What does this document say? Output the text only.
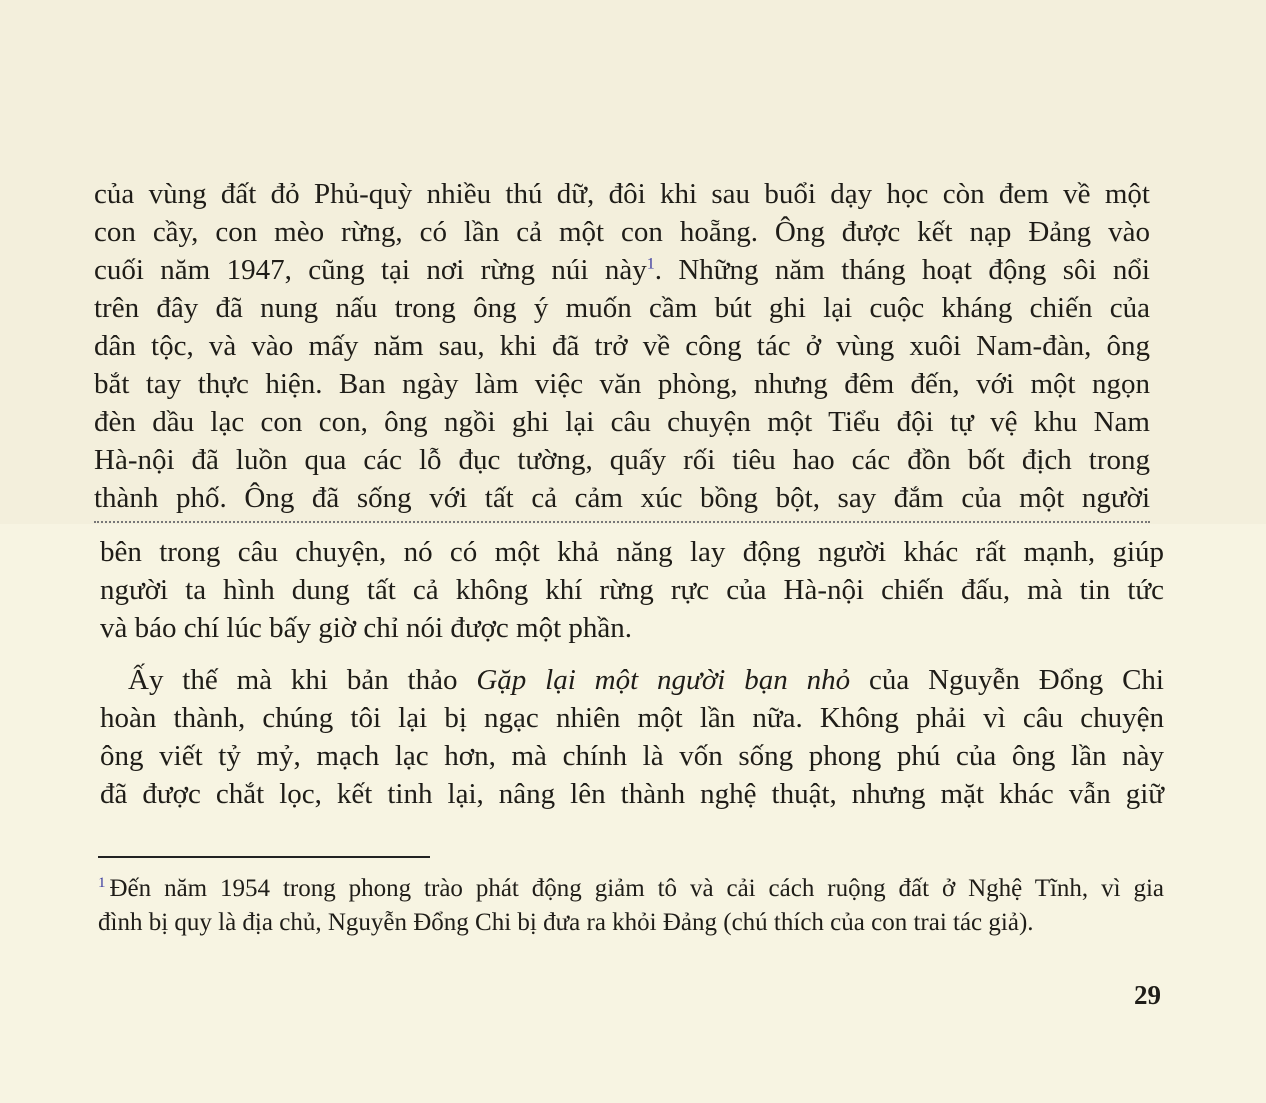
của vùng đất đỏ Phủ-quỳ nhiều thú dữ, đôi khi sau buổi dạy học còn đem về một
con cầy, con mèo rừng, có lần cả một con hoẵng. Ông được kết nạp Đảng vào
cuối năm 1947, cũng tại nơi rừng núi này$^1$. Những năm tháng hoạt động sôi nổi
trên đây đã nung nấu trong ông ý muốn cầm bút ghi lại cuộc kháng chiến của
dân tộc, và vào mấy năm sau, khi đã trở về công tác ở vùng xuôi Nam-đàn, ông
bắt tay thực hiện. Ban ngày làm việc văn phòng, nhưng đêm đến, với một ngọn
đèn dầu lạc con con, ông ngồi ghi lại câu chuyện một Tiểu đội tự vệ khu Nam
Hà-nội đã luồn qua các lỗ đục tường, quấy rối tiêu hao các đồn bốt địch trong
thành phố. Ông đã sống với tất cả cảm xúc bồng bột, say đắm của một người
bên trong câu chuyện, nó có một khả năng lay động người khác rất mạnh, giúp
người ta hình dung tất cả không khí rừng rực của Hà-nội chiến đấu, mà tin tức
và báo chí lúc bấy giờ chỉ nói được một phần.
Ấy thế mà khi bản thảo Gặp lại một người bạn nhỏ của Nguyễn Đổng Chi
hoàn thành, chúng tôi lại bị ngạc nhiên một lần nữa. Không phải vì câu chuyện
ông viết tỷ mỷ, mạch lạc hơn, mà chính là vốn sống phong phú của ông lần này
đã được chắt lọc, kết tinh lại, nâng lên thành nghệ thuật, nhưng mặt khác vẫn giữ
$^1$ Đến năm 1954 trong phong trào phát động giảm tô và cải cách ruộng đất ở Nghệ Tĩnh, vì gia
đình bị quy là địa chủ, Nguyễn Đổng Chi bị đưa ra khỏi Đảng (chú thích của con trai tác giả).
29
